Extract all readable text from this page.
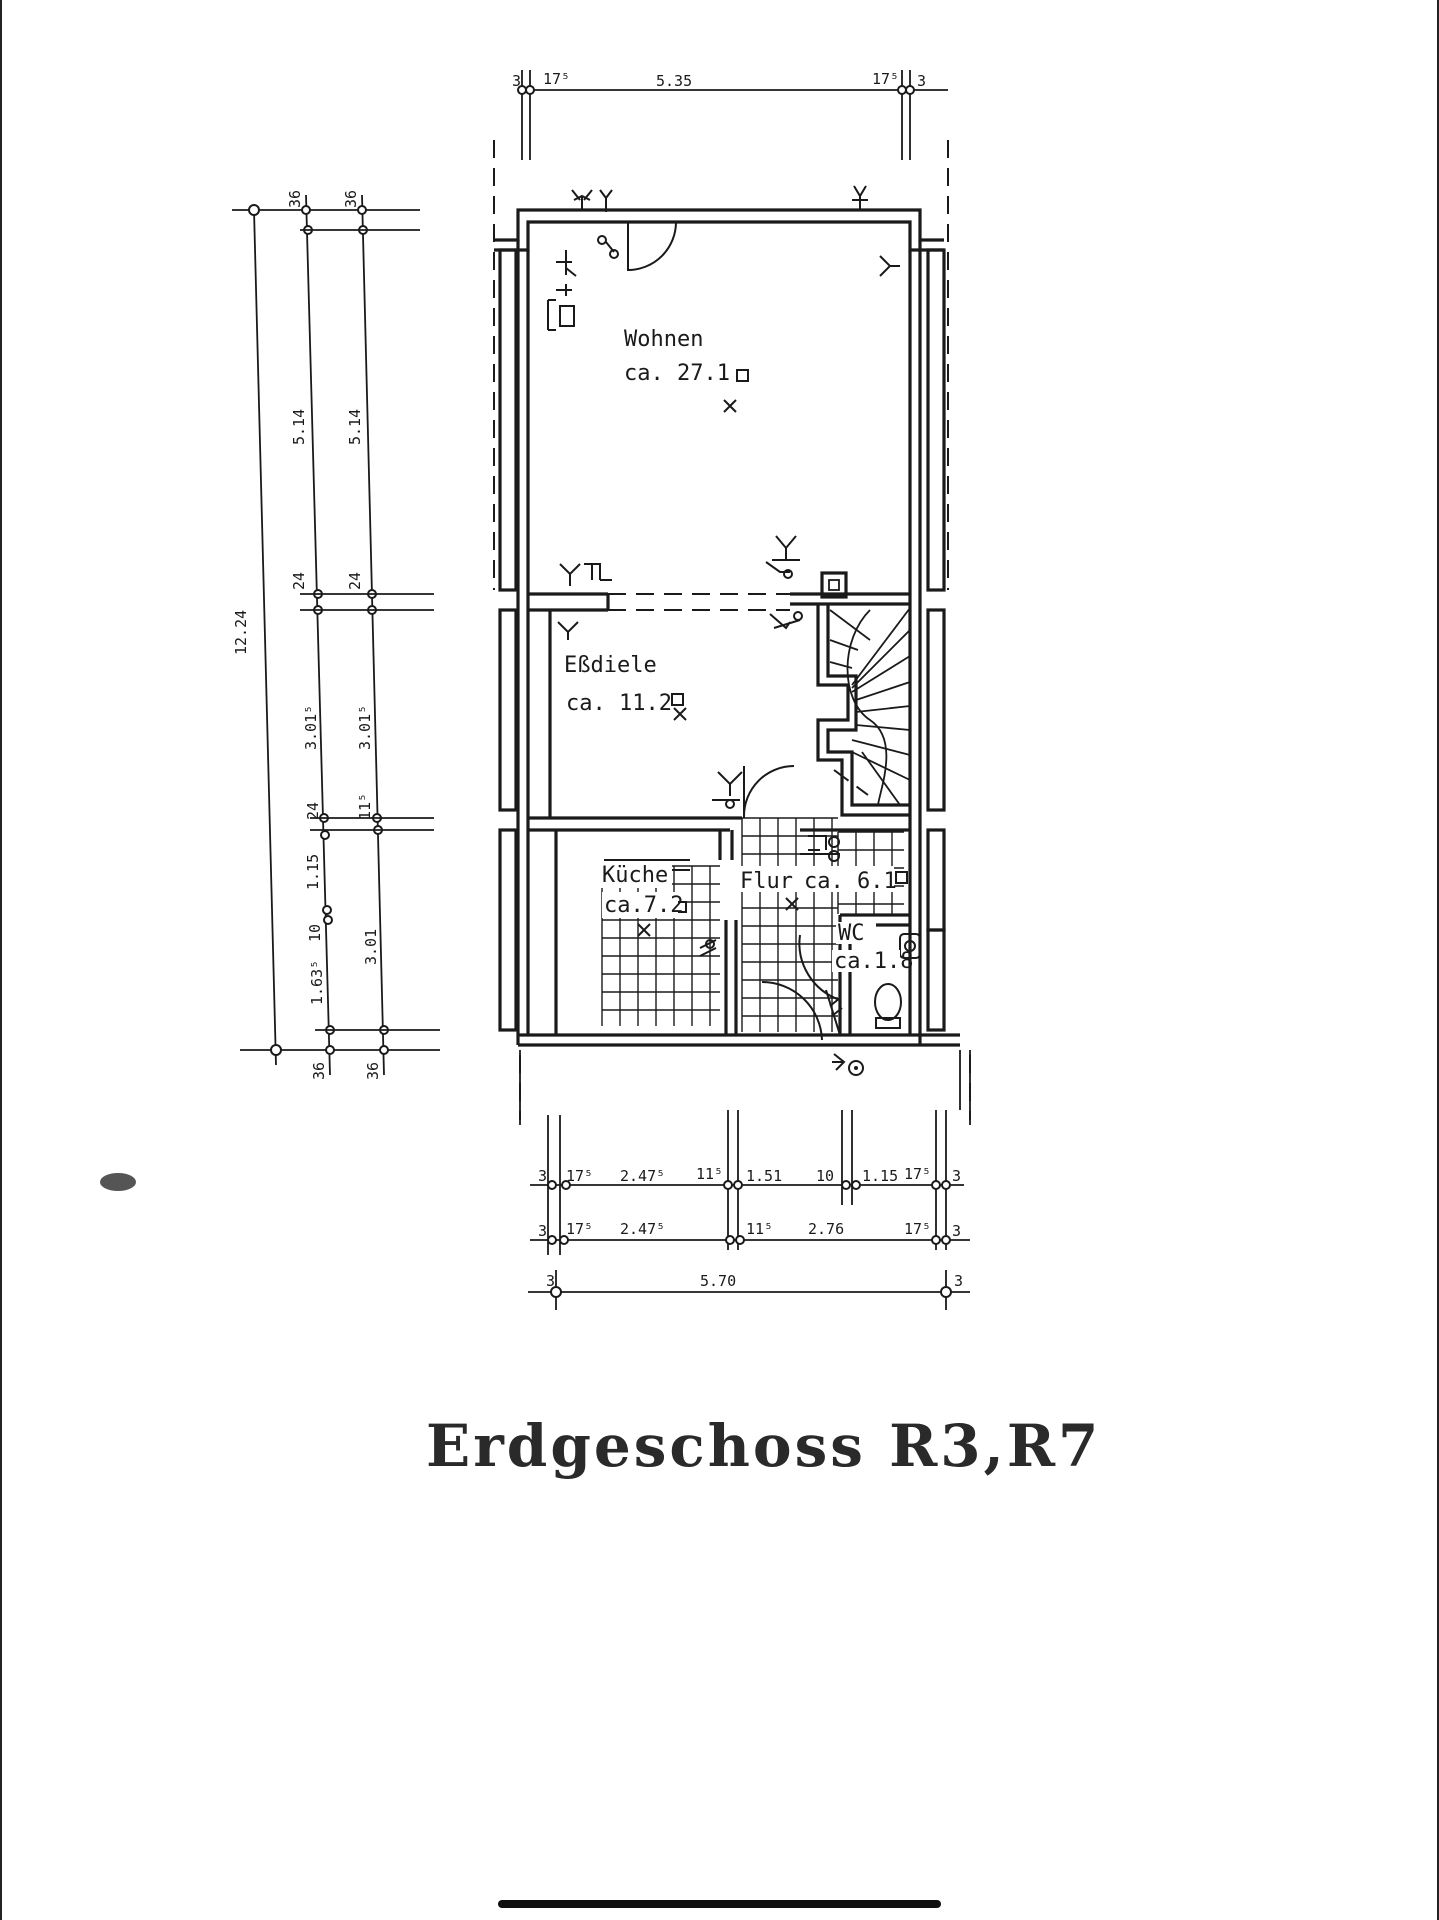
3 17⁵	5.35	17⁵ 3
12.24
36
5.14
24
3.01⁵
24
1.15
10
1.63⁵
36
36
5.14
24
3.01⁵
11⁵
3.01
36
Wohnen
ca. 27.1
Eßdiele
ca. 11.2
Küche
ca.7.2
Flur ca. 6.1
WC
ca.1.8
3 17⁵ 2.47⁵ 11⁵ 1.51 10 1.15 17⁵ 3
3 17⁵ 2.47⁵	11⁵ 2.76	17⁵ 3
3	5.70	3
Erdgeschoss R3,R7
